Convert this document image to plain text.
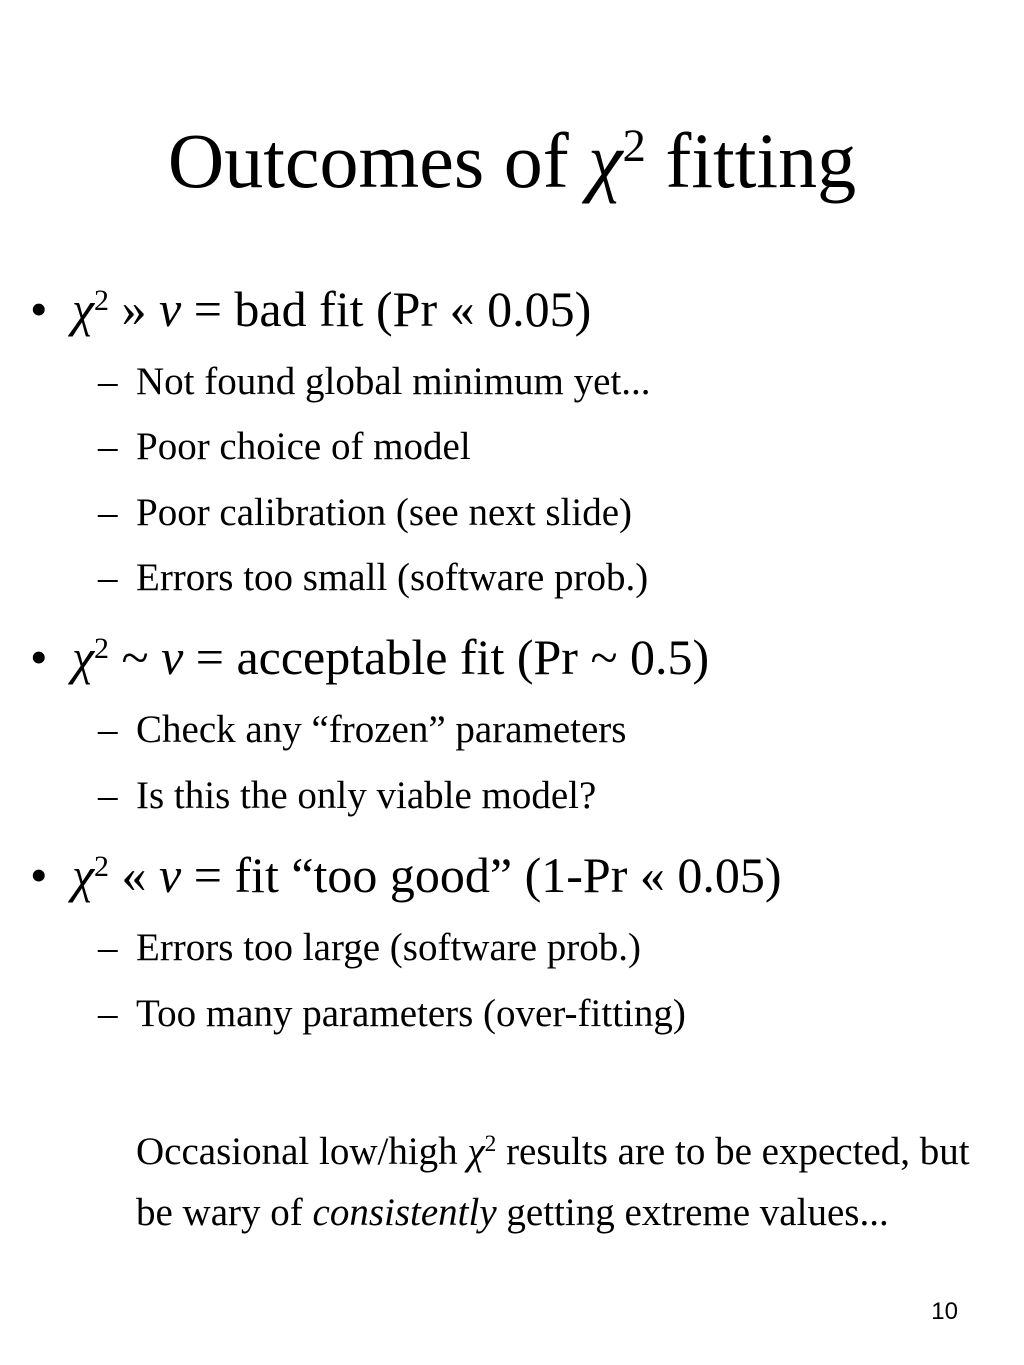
Outcomes of $\chi^2$ fitting
• $\chi^2$ » ν = bad fit (Pr « 0.05)
– Not found global minimum yet...
– Poor choice of model
– Poor calibration (see next slide)
– Errors too small (software prob.)
• $\chi^2$ ~ ν = acceptable fit (Pr ~ 0.5)
– Check any “frozen” parameters
– Is this the only viable model?
• $\chi^2$ « ν = fit “too good” (1-Pr « 0.05)
– Errors too large (software prob.)
– Too many parameters (over-fitting)
Occasional low/high $\chi^2$ results are to be expected, but be wary of consistently getting extreme values...
10
